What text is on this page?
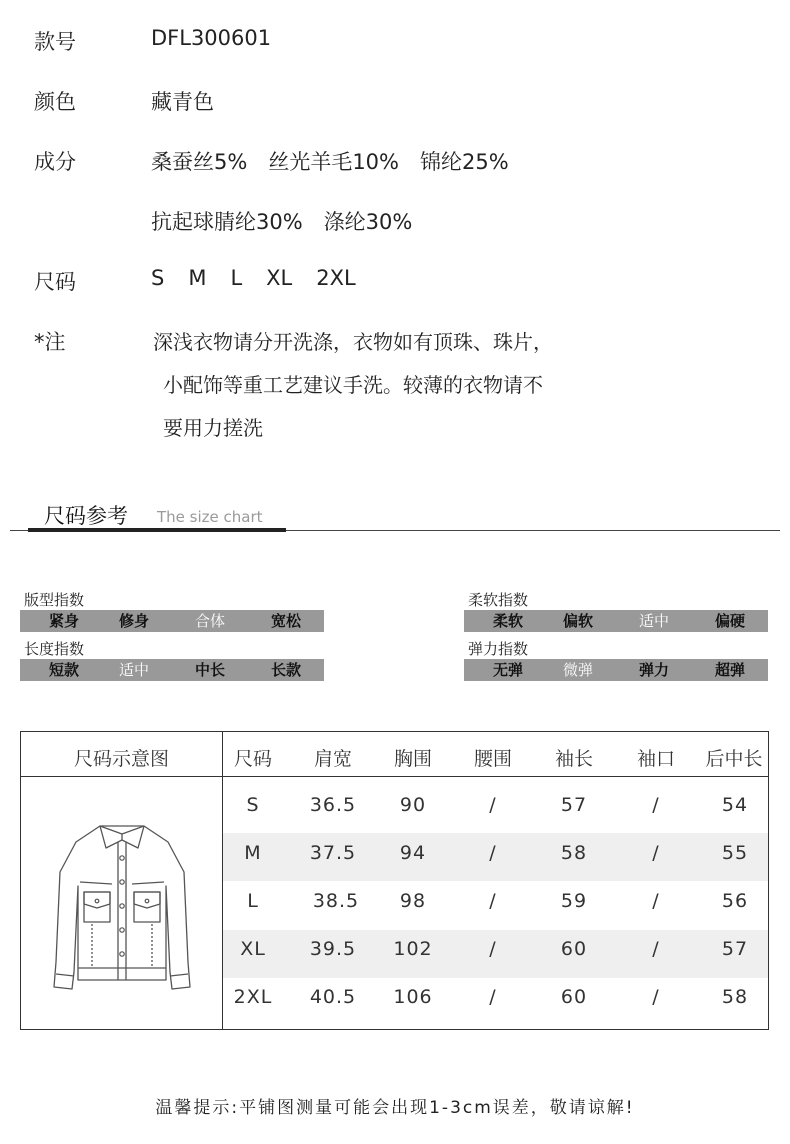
款号	DFL300601
颜色	藏青色
成分	桑蚕丝5%　丝光羊毛10%　锦纶25%
抗起球腈纶30%　涤纶30%
尺码	S M L XL 2XL
*注	深浅衣物请分开洗涤，衣物如有顶珠、珠片，
小配饰等重工艺建议手洗。较薄的衣物请不
要用力搓洗
尺码参考 The size chart
版型指数
紧身	修身	合体	宽松
长度指数
短款	适中	中长	长款
柔软指数
柔软	偏软	适中	偏硬
弹力指数
无弹	微弹	弹力	超弹
尺码示意图	尺码	肩宽	胸围	腰围	袖长	袖口	后中长
S	36.5	90	/	57	/	54
M	37.5	94	/	58	/	55
L	38.5	98	/	59	/	56
XL	39.5	102	/	60	/	57
2XL	40.5	106	/	60	/	58
温馨提示:平铺图测量可能会出现1-3cm误差，敬请谅解!
